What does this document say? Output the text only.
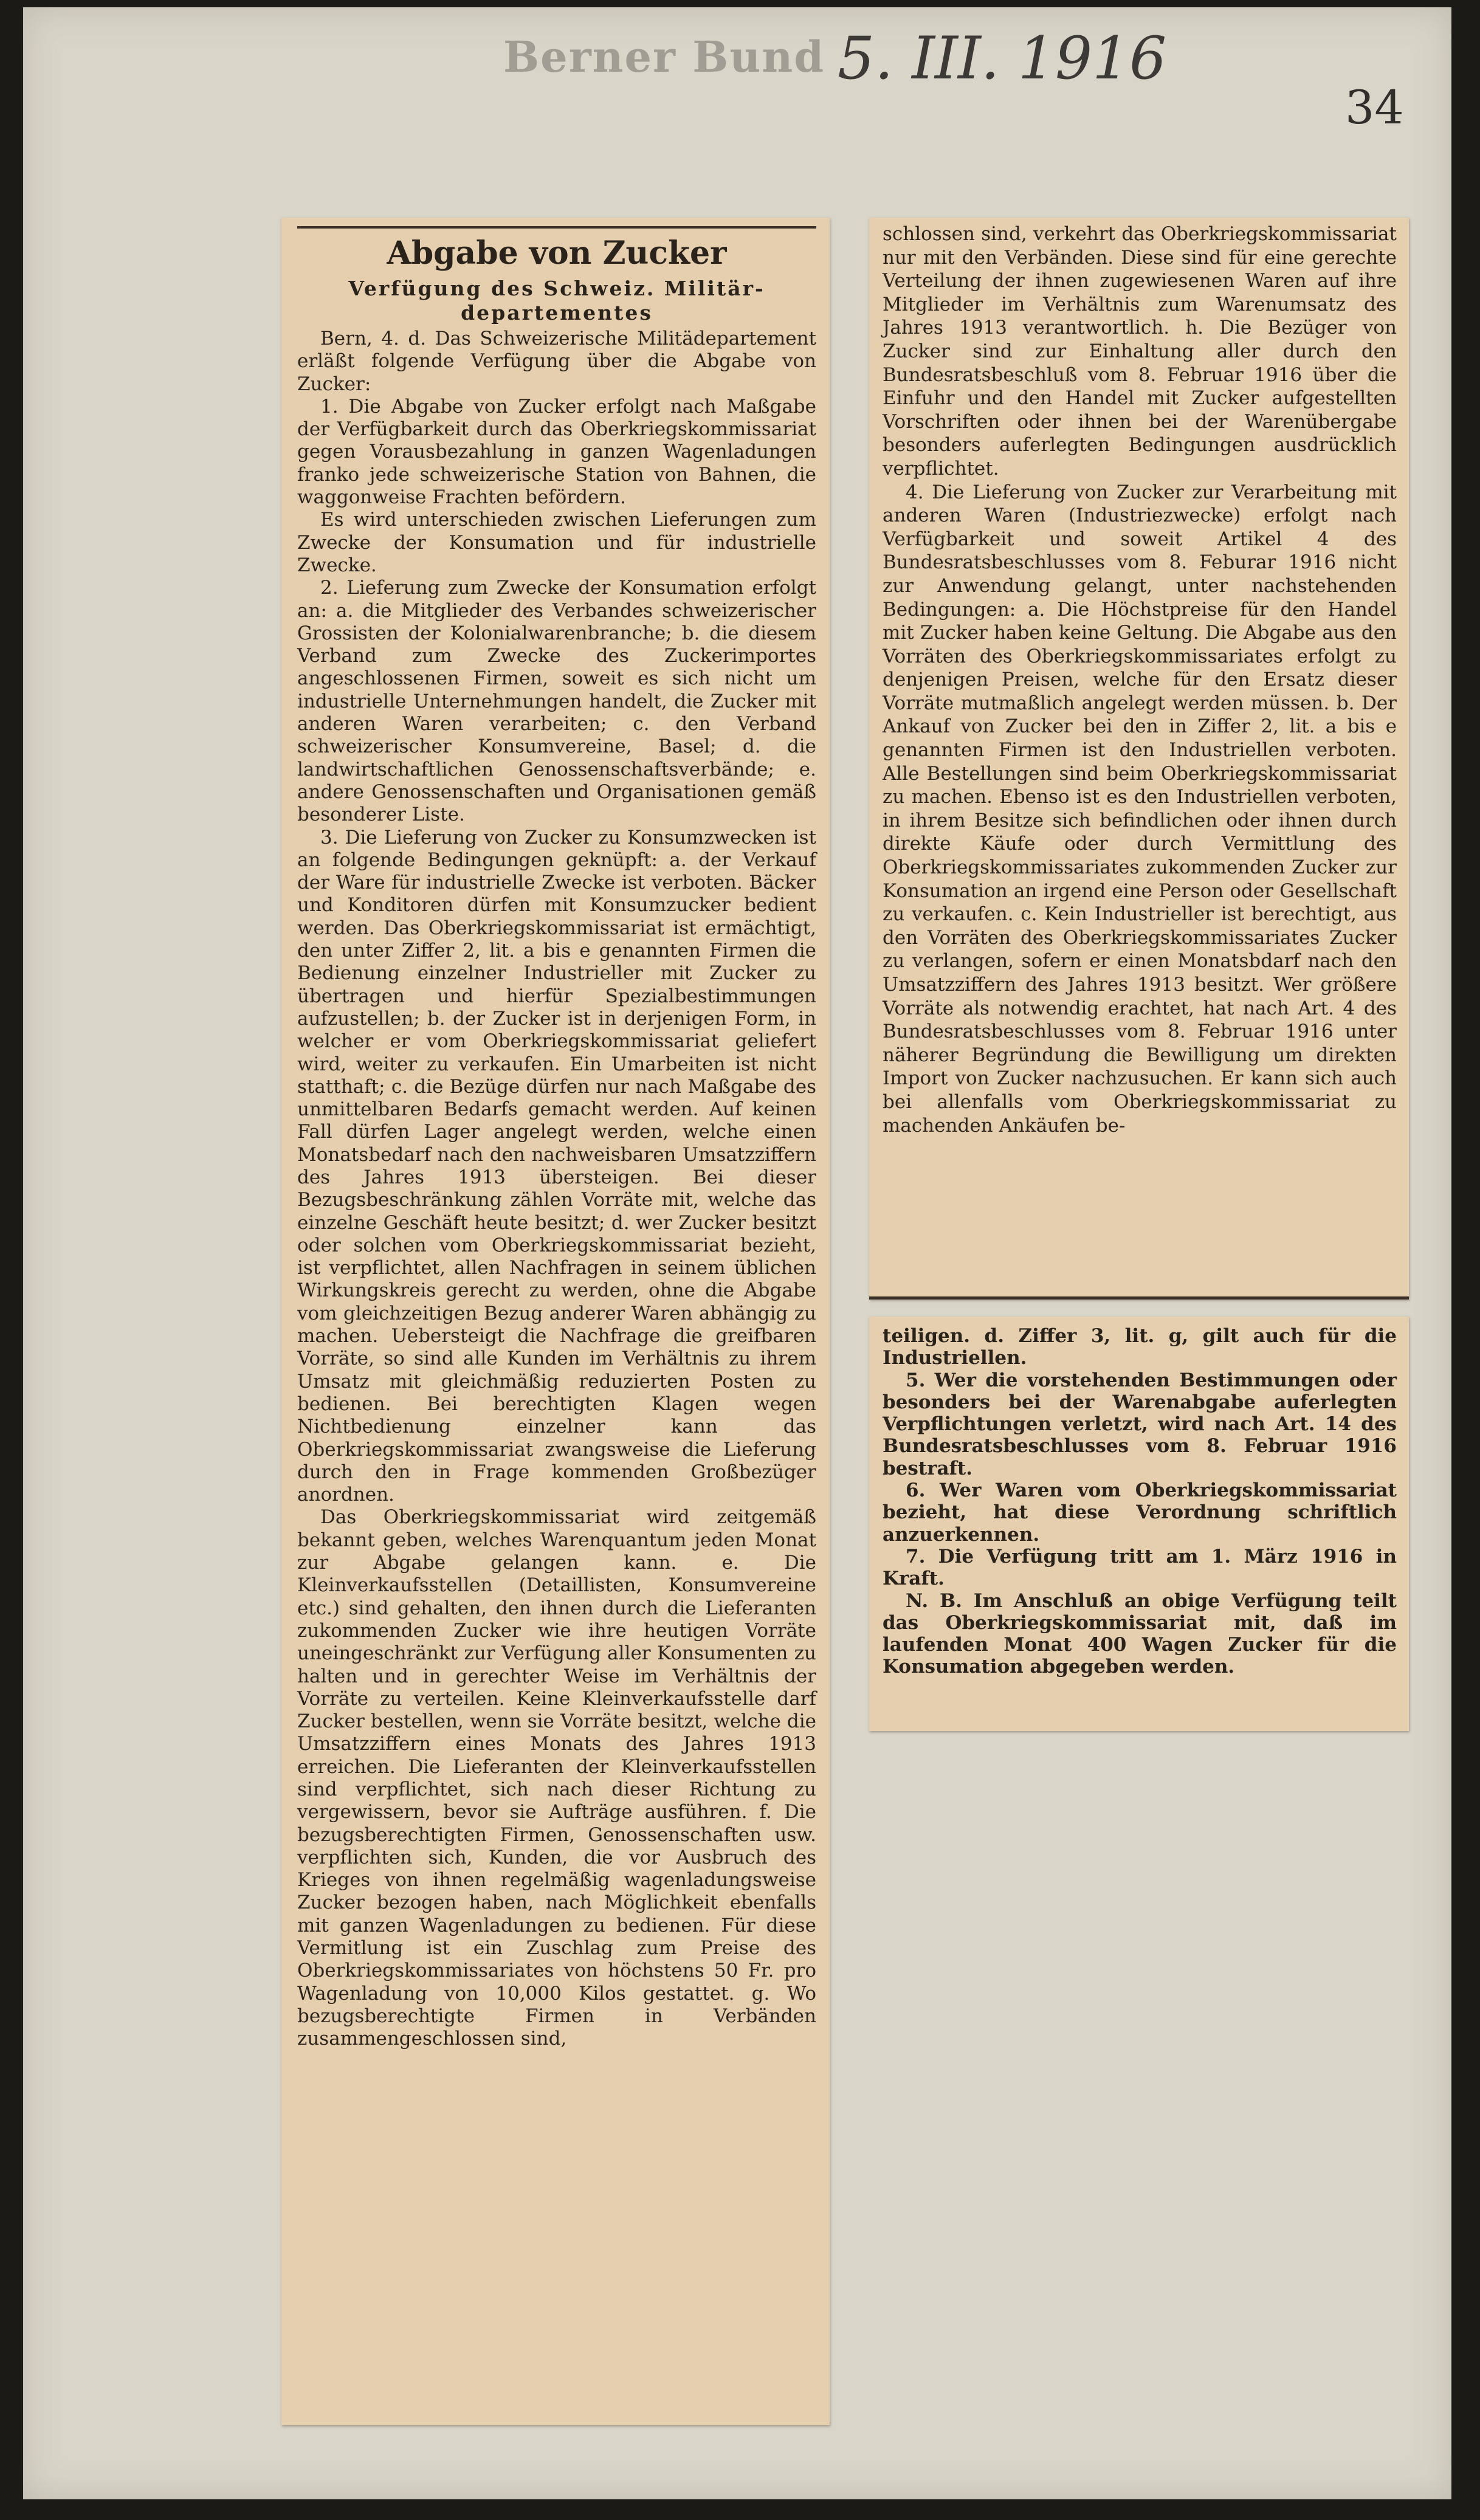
Berner Bund 5. III. 1916
34
Abgabe von Zucker
Verfügung des Schweiz. Militär-departementes

Bern, 4. d. Das Schweizerische Militädepartement erläßt folgende Verfügung über die Abgabe von Zucker:

1. Die Abgabe von Zucker erfolgt nach Maßgabe der Verfügbarkeit durch das Oberkriegskommissariat gegen Vorausbezahlung in ganzen Wagenladungen franko jede schweizerische Station von Bahnen, die waggonweise Frachten befördern.

Es wird unterschieden zwischen Lieferungen zum Zwecke der Konsumation und für industrielle Zwecke.

2. Lieferung zum Zwecke der Konsumation erfolgt an: a. die Mitglieder des Verbandes schweizerischer Grossisten der Kolonialwarenbranche; b. die diesem Verband zum Zwecke des Zuckerimportes angeschlossenen Firmen, soweit es sich nicht um industrielle Unternehmungen handelt, die Zucker mit anderen Waren verarbeiten; c. den Verband schweizerischer Konsumvereine, Basel; d. die landwirtschaftlichen Genossenschaftsverbände; e. andere Genossenschaften und Organisationen gemäß besonderer Liste.

3. Die Lieferung von Zucker zu Konsumzwecken ist an folgende Bedingungen geknüpft: a. der Verkauf der Ware für industrielle Zwecke ist verboten. Bäcker und Konditoren dürfen mit Konsumzucker bedient werden. Das Oberkriegskommissariat ist ermächtigt, den unter Ziffer 2, lit. a bis e genannten Firmen die Bedienung einzelner Industrieller mit Zucker zu übertragen und hierfür Spezialbestimmungen aufzustellen; b. der Zucker ist in derjenigen Form, in welcher er vom Oberkriegskommissariat geliefert wird, weiter zu verkaufen. Ein Umarbeiten ist nicht statthaft; c. die Bezüge dürfen nur nach Maßgabe des unmittelbaren Bedarfs gemacht werden. Auf keinen Fall dürfen Lager angelegt werden, welche einen Monatsbedarf nach den nachweisbaren Umsatzziffern des Jahres 1913 übersteigen. Bei dieser Bezugsbeschränkung zählen Vorräte mit, welche das einzelne Geschäft heute besitzt; d. wer Zucker besitzt oder solchen vom Oberkriegskommissariat bezieht, ist verpflichtet, allen Nachfragen in seinem üblichen Wirkungskreis gerecht zu werden, ohne die Abgabe vom gleichzeitigen Bezug anderer Waren abhängig zu machen. Uebersteigt die Nachfrage die greifbaren Vorräte, so sind alle Kunden im Verhältnis zu ihrem Umsatz mit gleichmäßig reduzierten Posten zu bedienen. Bei berechtigten Klagen wegen Nichtbedienung einzelner kann das Oberkriegskommissariat zwangsweise die Lieferung durch den in Frage kommenden Großbezüger anordnen.

Das Oberkriegskommissariat wird zeitgemäß bekannt geben, welches Warenquantum jeden Monat zur Abgabe gelangen kann. e. Die Kleinverkaufsstellen (Detaillisten, Konsumvereine etc.) sind gehalten, den ihnen durch die Lieferanten zukommenden Zucker wie ihre heutigen Vorräte uneingeschränkt zur Verfügung aller Konsumenten zu halten und in gerechter Weise im Verhältnis der Vorräte zu verteilen. Keine Kleinverkaufsstelle darf Zucker bestellen, wenn sie Vorräte besitzt, welche die Umsatzziffern eines Monats des Jahres 1913 erreichen. Die Lieferanten der Kleinverkaufsstellen sind verpflichtet, sich nach dieser Richtung zu vergewissern, bevor sie Aufträge ausführen. f. Die bezugsberechtigten Firmen, Genossenschaften usw. verpflichten sich, Kunden, die vor Ausbruch des Krieges von ihnen regelmäßig wagenladungsweise Zucker bezogen haben, nach Möglichkeit ebenfalls mit ganzen Wagenladungen zu bedienen. Für diese Vermitlung ist ein Zuschlag zum Preise des Oberkriegskommissariates von höchstens 50 Fr. pro Wagenladung von 10,000 Kilos gestattet. g. Wo bezugsberechtigte Firmen in Verbänden zusammengeschlossen sind,

schlossen sind, verkehrt das Oberkriegskommissariat nur mit den Verbänden. Diese sind für eine gerechte Verteilung der ihnen zugewiesenen Waren auf ihre Mitglieder im Verhältnis zum Warenumsatz des Jahres 1913 verantwortlich. h. Die Bezüger von Zucker sind zur Einhaltung aller durch den Bundesratsbeschluß vom 8. Februar 1916 über die Einfuhr und den Handel mit Zucker aufgestellten Vorschriften oder ihnen bei der Warenübergabe besonders auferlegten Bedingungen ausdrücklich verpflichtet.

4. Die Lieferung von Zucker zur Verarbeitung mit anderen Waren (Industriezwecke) erfolgt nach Verfügbarkeit und soweit Artikel 4 des Bundesratsbeschlusses vom 8. Feburar 1916 nicht zur Anwendung gelangt, unter nachstehenden Bedingungen: a. Die Höchstpreise für den Handel mit Zucker haben keine Geltung. Die Abgabe aus den Vorräten des Oberkriegskommissariates erfolgt zu denjenigen Preisen, welche für den Ersatz dieser Vorräte mutmaßlich angelegt werden müssen. b. Der Ankauf von Zucker bei den in Ziffer 2, lit. a bis e genannten Firmen ist den Industriellen verboten. Alle Bestellungen sind beim Oberkriegskommissariat zu machen. Ebenso ist es den Industriellen verboten, in ihrem Besitze sich befindlichen oder ihnen durch direkte Käufe oder durch Vermittlung des Oberkriegskommissariates zukommenden Zucker zur Konsumation an irgend eine Person oder Gesellschaft zu verkaufen. c. Kein Industrieller ist berechtigt, aus den Vorräten des Oberkriegskommissariates Zucker zu verlangen, sofern er einen Monatsbdarf nach den Umsatzziffern des Jahres 1913 besitzt. Wer größere Vorräte als notwendig erachtet, hat nach Art. 4 des Bundesratsbeschlusses vom 8. Februar 1916 unter näherer Begründung die Bewilligung um direkten Import von Zucker nachzusuchen. Er kann sich auch bei allenfalls vom Oberkriegskommissariat zu machenden Ankäufen be-

teiligen. d. Ziffer 3, lit. g, gilt auch für die Industriellen.

5. Wer die vorstehenden Bestimmungen oder besonders bei der Warenabgabe auferlegten Verpflichtungen verletzt, wird nach Art. 14 des Bundesratsbeschlusses vom 8. Februar 1916 bestraft.

6. Wer Waren vom Oberkriegskommissariat bezieht, hat diese Verordnung schriftlich anzuerkennen.

7. Die Verfügung tritt am 1. März 1916 in Kraft.

N. B. Im Anschluß an obige Verfügung teilt das Oberkriegskommissariat mit, daß im laufenden Monat 400 Wagen Zucker für die Konsumation abgegeben werden.
